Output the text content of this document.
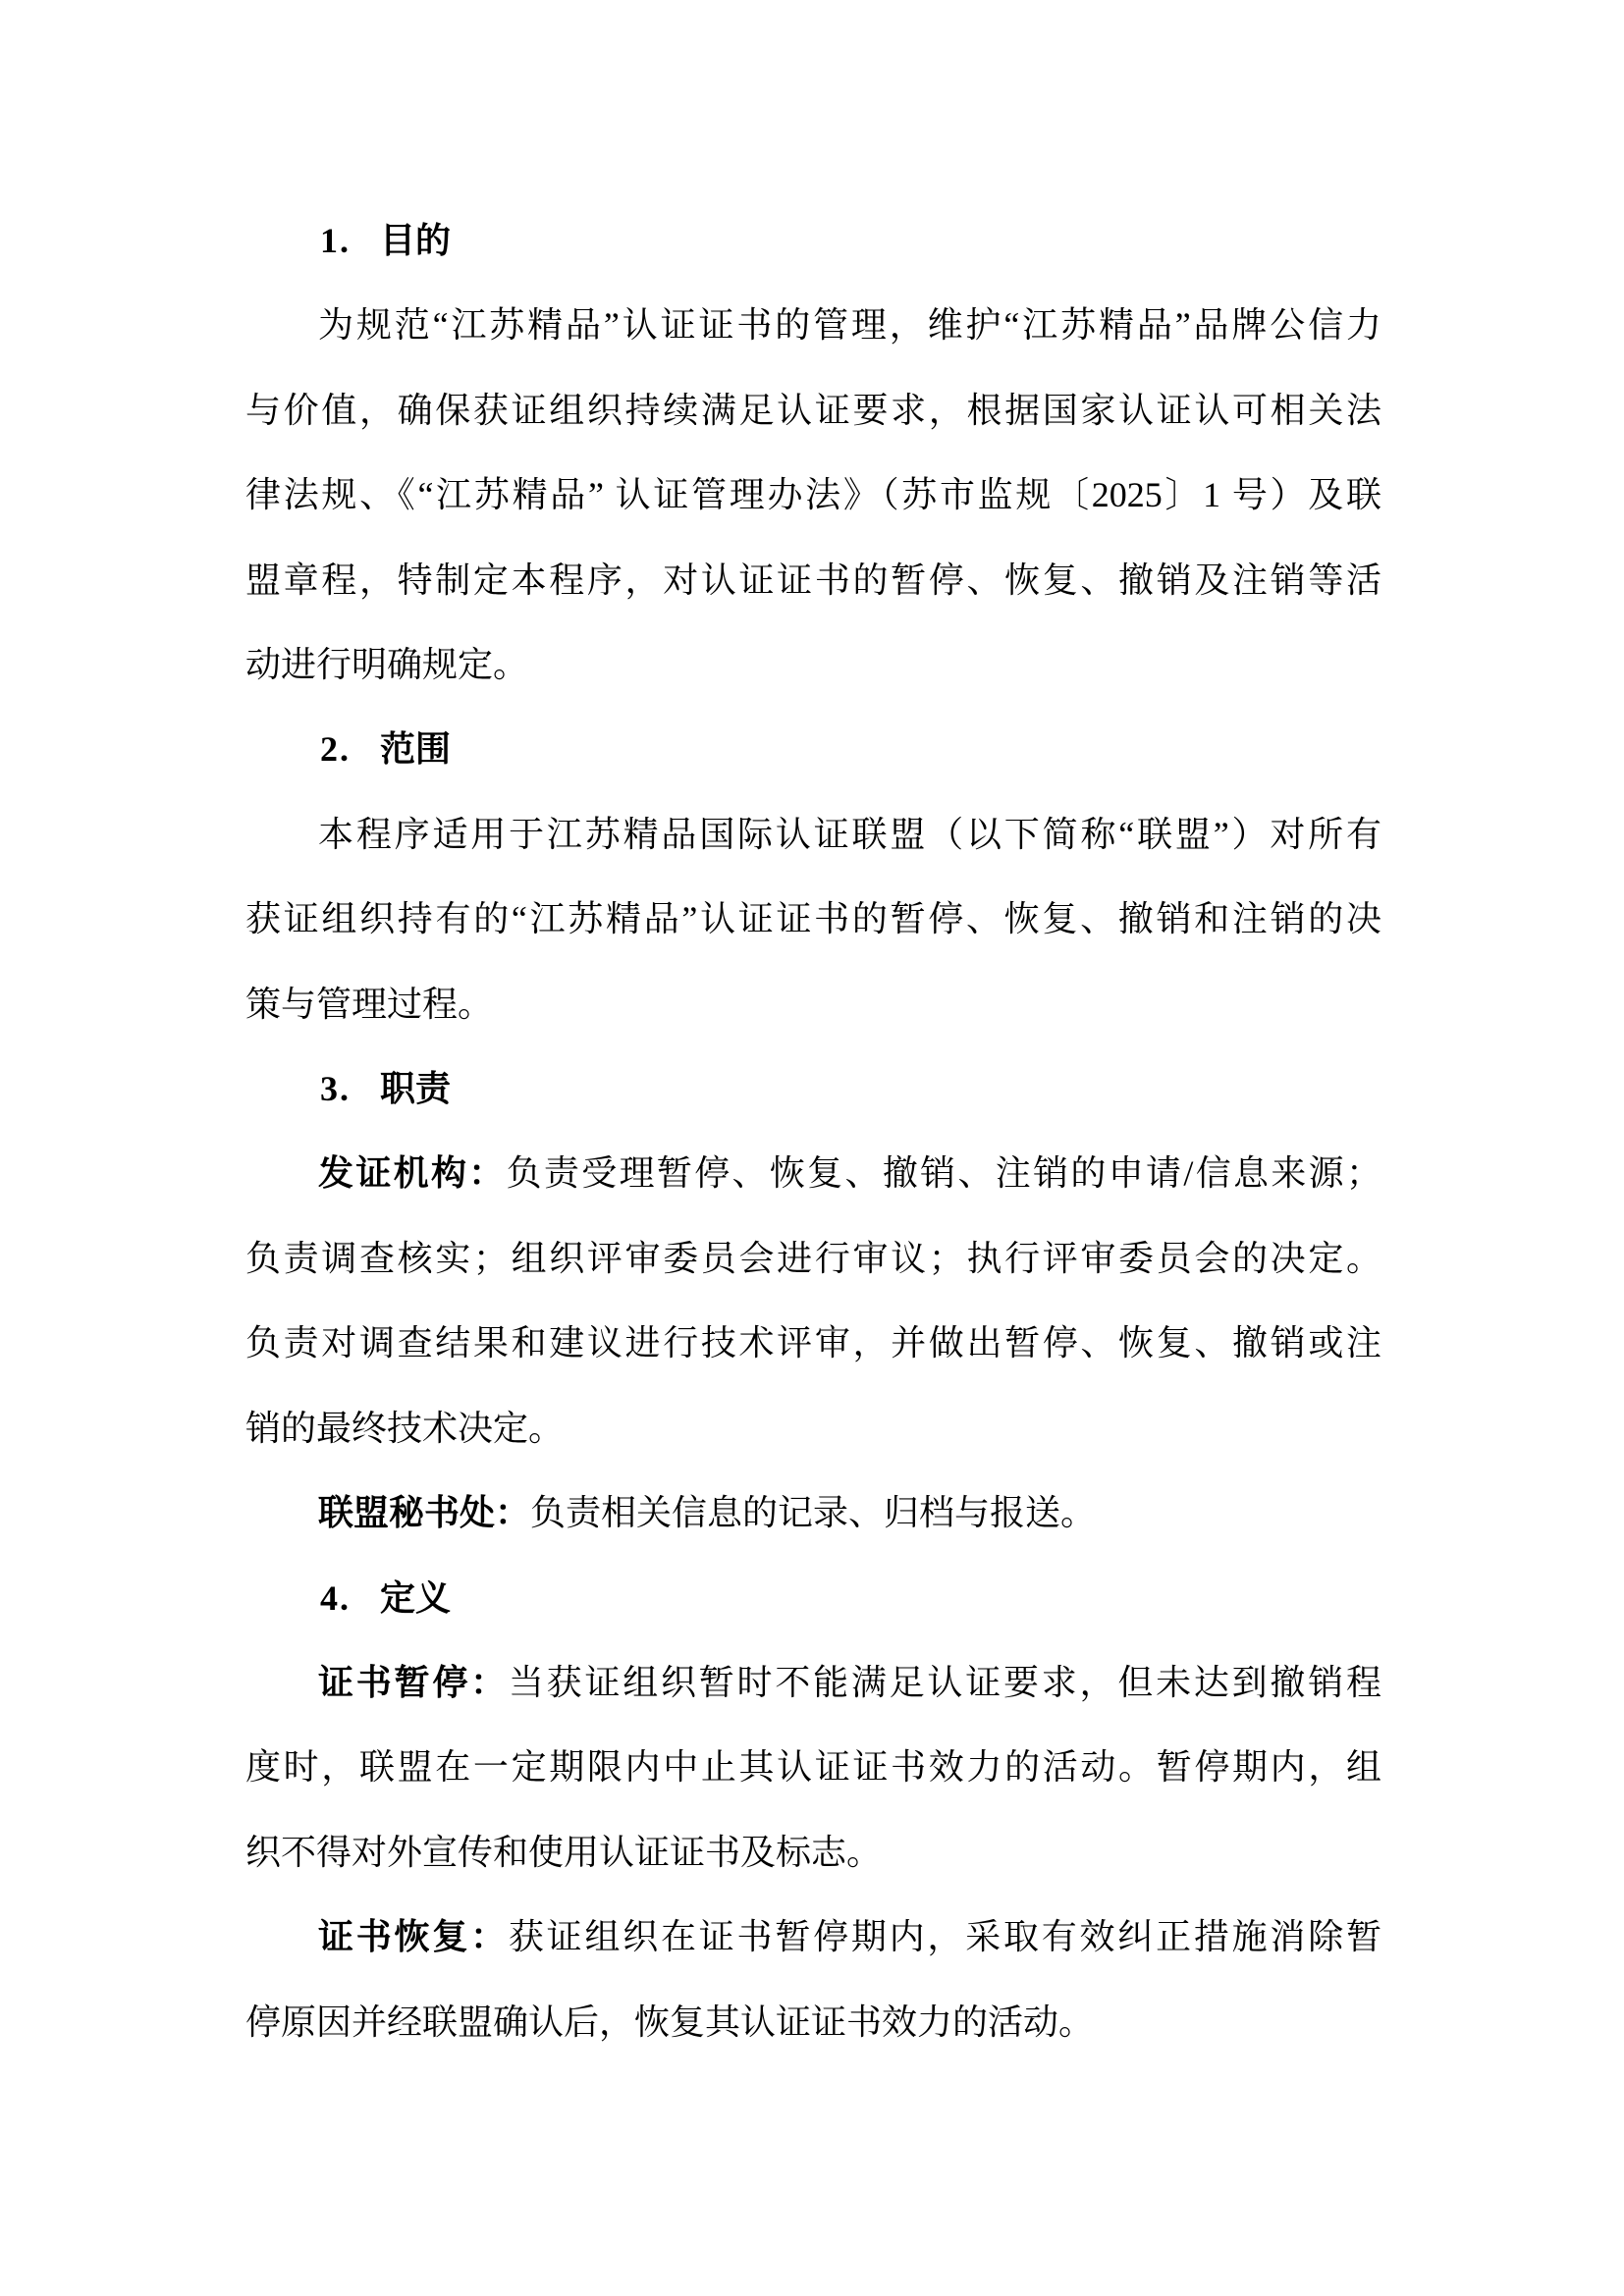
1. 目的
为规范“江苏精品”认证证书的管理，维护“江苏精品”品牌公信力
与价值，确保获证组织持续满足认证要求，根据国家认证认可相关法
律法规、《“江苏精品” 认证管理办法》（苏市监规〔2025〕1 号）及联
盟章程，特制定本程序，对认证证书的暂停、恢复、撤销及注销等活
动进行明确规定。
2. 范围
本程序适用于江苏精品国际认证联盟（以下简称“联盟”）对所有
获证组织持有的“江苏精品”认证证书的暂停、恢复、撤销和注销的决
策与管理过程。
3. 职责
发证机构：负责受理暂停、恢复、撤销、注销的申请/信息来源；
负责调查核实；组织评审委员会进行审议；执行评审委员会的决定。
负责对调查结果和建议进行技术评审，并做出暂停、恢复、撤销或注
销的最终技术决定。
联盟秘书处：负责相关信息的记录、归档与报送。
4. 定义
证书暂停：当获证组织暂时不能满足认证要求，但未达到撤销程
度时，联盟在一定期限内中止其认证证书效力的活动。暂停期内，组
织不得对外宣传和使用认证证书及标志。
证书恢复：获证组织在证书暂停期内，采取有效纠正措施消除暂
停原因并经联盟确认后，恢复其认证证书效力的活动。
